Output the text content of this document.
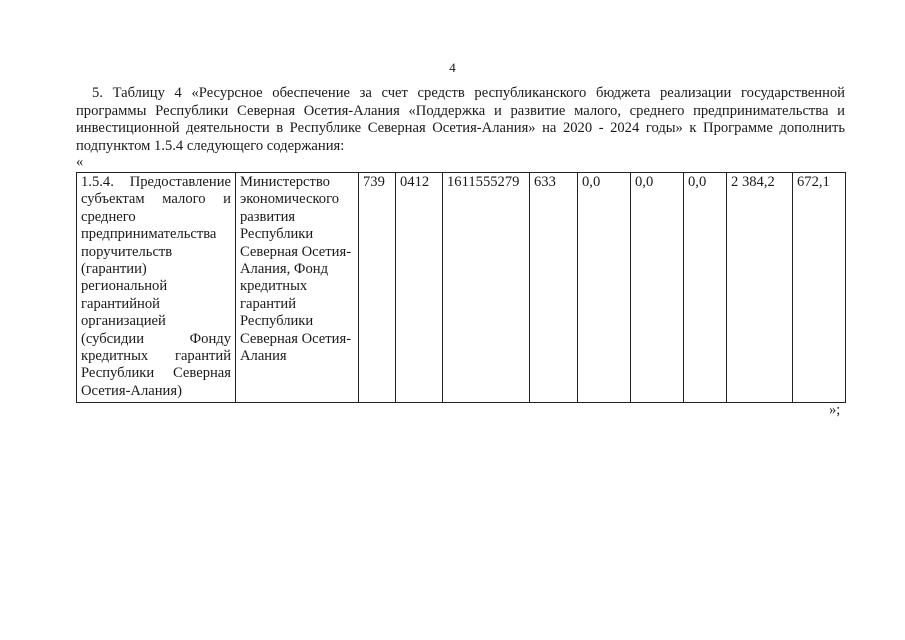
4

5. Таблицу 4 «Ресурсное обеспечение за счет средств республиканского бюджета реализации государственной программы Республики Северная Осетия-Алания «Поддержка и развитие малого, среднего предпринимательства и инвестиционной деятельности в Республике Северная Осетия-Алания» на 2020 - 2024 годы» к Программе дополнить подпунктом 1.5.4 следующего содержания:

«
1.5.4. Предоставление субъектам малого и среднего предпринимательства поручительств (гарантии) региональной гарантийной организацией (субсидии Фонду кредитных гарантий Республики Северная Осетия-Алания)	Министерство экономического развития Республики Северная Осетия-Алания, Фонд кредитных гарантий Республики Северная Осетия-Алания	739	0412	1611555279	633	0,0	0,0	0,0	2 384,2	672,1
»;
